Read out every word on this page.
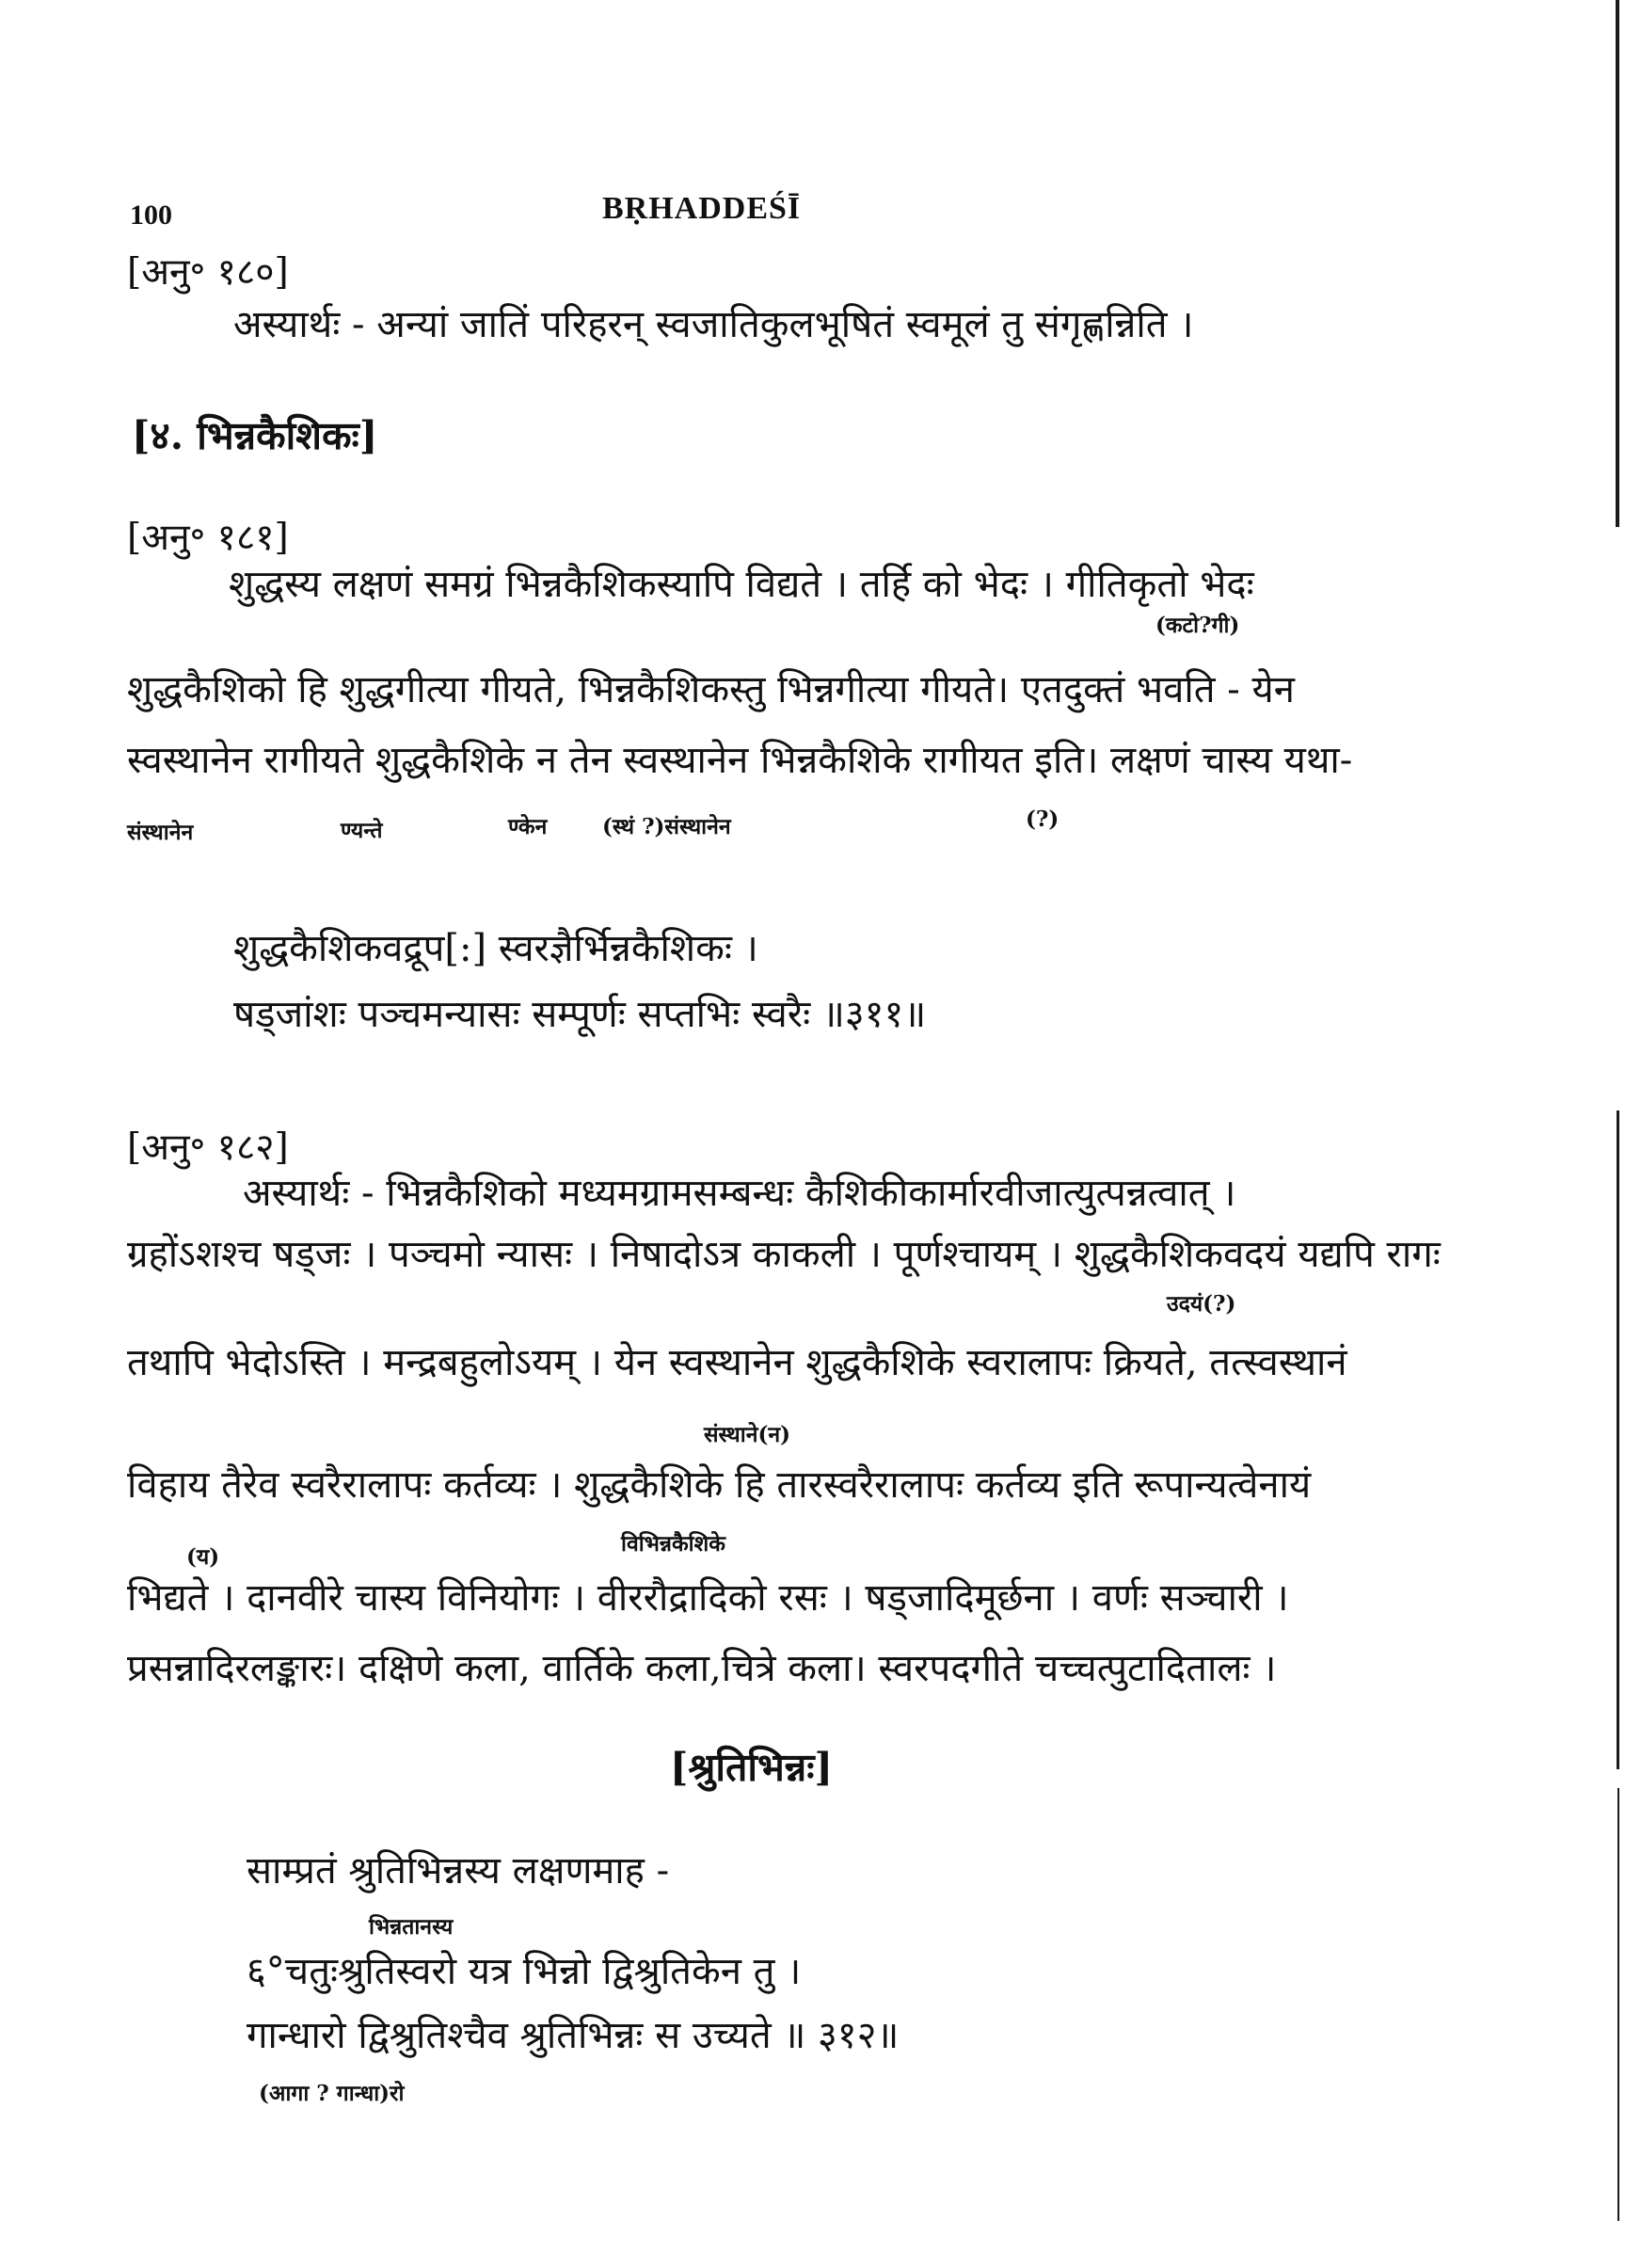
100	BṚHADDEŚĪ
[अनु॰ १८०]
अस्यार्थः - अन्यां जातिं परिहरन् स्वजातिकुलभूषितं स्वमूलं तु संगृह्णन्निति ।
[४. भिन्नकैशिकः]
[अनु॰ १८१]
शुद्धस्य लक्षणं समग्रं भिन्नकैशिकस्यापि विद्यते । तर्हि को भेदः । गीतिकृतो भेदः
(कटो?गी)
शुद्धकैशिको हि शुद्धगीत्या गीयते, भिन्नकैशिकस्तु भिन्नगीत्या गीयते। एतदुक्तं भवति - येन
स्वस्थानेन रागीयते शुद्धकैशिके न तेन स्वस्थानेन भिन्नकैशिके रागीयत इति। लक्षणं चास्य यथा-
संस्थानेन	ण्यन्ते	ण्केन	(स्थं ?)संस्थानेन	(?)
शुद्धकैशिकवद्रूप[:] स्वरज्ञैर्भिन्नकैशिकः ।
षड्जांशः पञ्चमन्यासः सम्पूर्णः सप्तभिः स्वरैः ॥३११॥
[अनु॰ १८२]
अस्यार्थः - भिन्नकैशिको मध्यमग्रामसम्बन्धः कैशिकीकार्मारवीजात्युत्पन्नत्वात् ।
ग्रहोंऽशश्च षड्जः । पञ्चमो न्यासः । निषादोऽत्र काकली । पूर्णश्चायम् । शुद्धकैशिकवदयं यद्यपि रागः
उदयं(?)
तथापि भेदोऽस्ति । मन्द्रबहुलोऽयम् । येन स्वस्थानेन शुद्धकैशिके स्वरालापः क्रियते, तत्स्वस्थानं
संस्थाने(न)
विहाय तैरेव स्वरैरालापः कर्तव्यः । शुद्धकैशिके हि तारस्वरैरालापः कर्तव्य इति रूपान्यत्वेनायं
(य)
विभिन्नकैशिके
भिद्यते । दानवीरे चास्य विनियोगः । वीररौद्रादिको रसः । षड्जादिमूर्छना । वर्णः सञ्चारी ।
प्रसन्नादिरलङ्कारः। दक्षिणे कला, वार्तिके कला,चित्रे कला। स्वरपदगीते चच्चत्पुटादितालः ।
[श्रुतिभिन्नः]
साम्प्रतं श्रुतिभिन्नस्य लक्षणमाह -
भिन्नतानस्य
६°चतुःश्रुतिस्वरो यत्र भिन्नो द्विश्रुतिकेन तु ।
गान्धारो द्विश्रुतिश्चैव श्रुतिभिन्नः स उच्यते ॥ ३१२॥
(आगा ? गान्धा)रो
